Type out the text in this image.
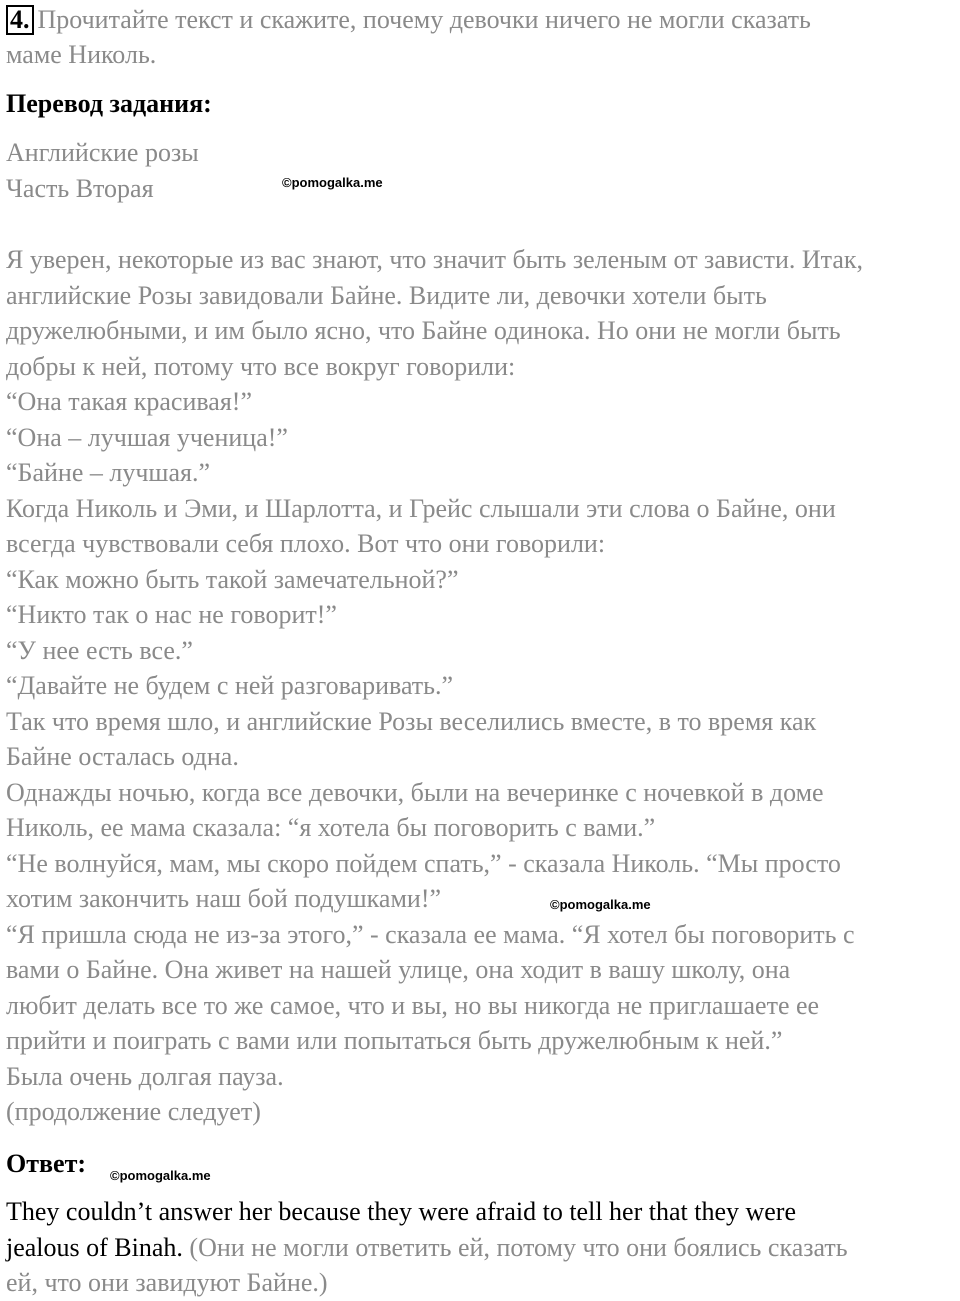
4. Прочитайте текст и скажите, почему девочки ничего не могли сказать
маме Николь.
Перевод задания:
Английские розы
Часть Вторая	©pomogalka.me
Я уверен, некоторые из вас знают, что значит быть зеленым от зависти. Итак,
английские Розы завидовали Байне. Видите ли, девочки хотели быть
дружелюбными, и им было ясно, что Байне одинока. Но они не могли быть
добры к ней, потому что все вокруг говорили:
“Она такая красивая!”
“Она – лучшая ученица!”
“Байне – лучшая.”
Когда Николь и Эми, и Шарлотта, и Грейс слышали эти слова о Байне, они
всегда чувствовали себя плохо. Вот что они говорили:
“Как можно быть такой замечательной?”
“Никто так о нас не говорит!”
“У нее есть все.”
“Давайте не будем с ней разговаривать.”
Так что время шло, и английские Розы веселились вместе, в то время как
Байне осталась одна.
Однажды ночью, когда все девочки, были на вечеринке с ночевкой в доме
Николь, ее мама сказала: “я хотела бы поговорить с вами.”
“Не волнуйся, мам, мы скоро пойдем спать,” - сказала Николь. “Мы просто
хотим закончить наш бой подушками!”
“Я пришла сюда не из-за этого,” - сказала ее мама. “Я хотел бы поговорить с
вами о Байне. Она живет на нашей улице, она ходит в вашу школу, она
любит делать все то же самое, что и вы, но вы никогда не приглашаете ее
прийти и поиграть с вами или попытаться быть дружелюбным к ней.”
Была очень долгая пауза.
(продолжение следует)
©pomogalka.me
Ответ: ©pomogalka.me
They couldn’t answer her because they were afraid to tell her that they were
jealous of Binah. (Они не могли ответить ей, потому что они боялись сказать
ей, что они завидуют Байне.)
